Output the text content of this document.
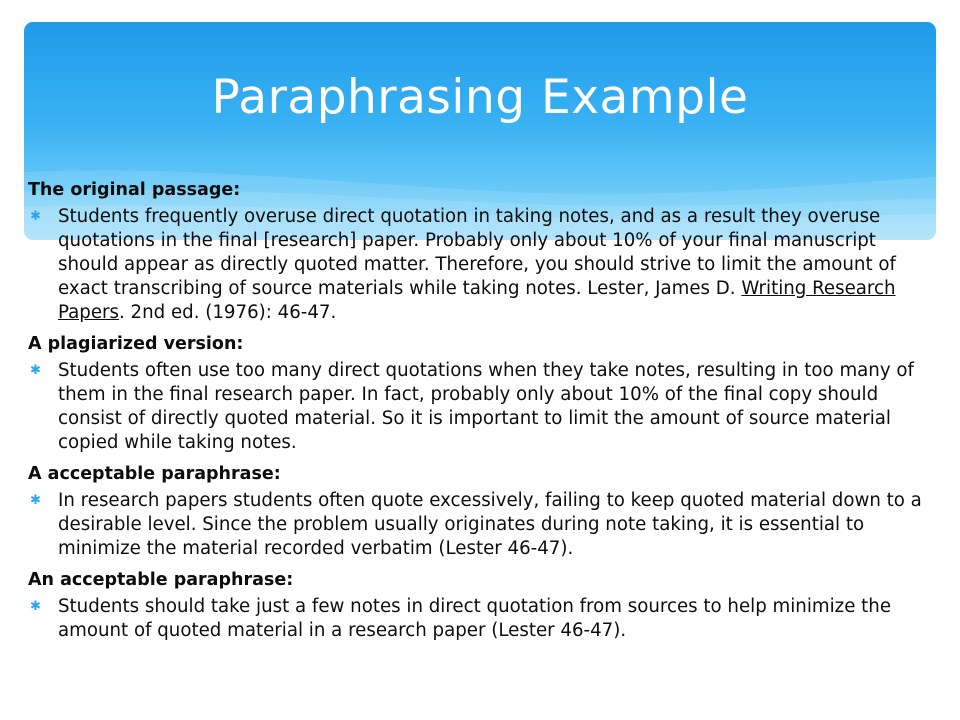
Paraphrasing Example

The original passage:

✱ Students frequently overuse direct quotation in taking notes, and as a result they overuse quotations in the final [research] paper. Probably only about 10% of your final manuscript should appear as directly quoted matter. Therefore, you should strive to limit the amount of exact transcribing of source materials while taking notes. Lester, James D. Writing Research Papers. 2nd ed. (1976): 46-47.

A plagiarized version:

✱ Students often use too many direct quotations when they take notes, resulting in too many of them in the final research paper. In fact, probably only about 10% of the final copy should consist of directly quoted material. So it is important to limit the amount of source material copied while taking notes.

A acceptable paraphrase:

✱ In research papers students often quote excessively, failing to keep quoted material down to a desirable level. Since the problem usually originates during note taking, it is essential to minimize the material recorded verbatim (Lester 46-47).

An acceptable paraphrase:

✱ Students should take just a few notes in direct quotation from sources to help minimize the amount of quoted material in a research paper (Lester 46-47).
